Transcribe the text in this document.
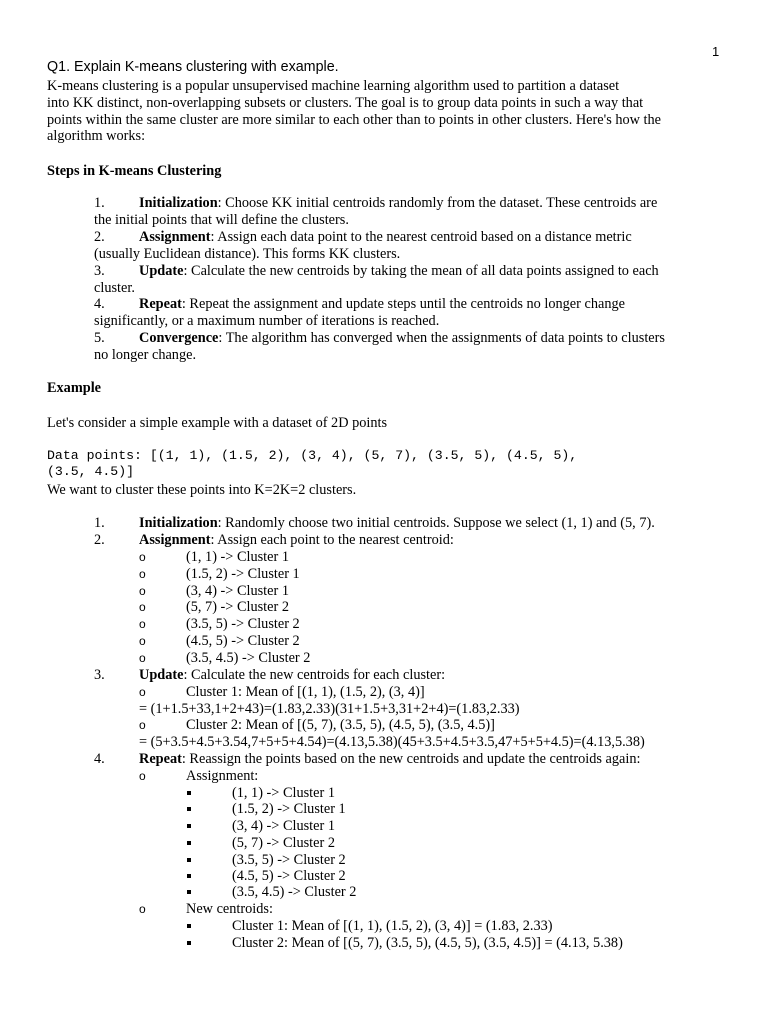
1
Q1. Explain K-means clustering with example.
K-means clustering is a popular unsupervised machine learning algorithm used to partition a dataset
into KK distinct, non-overlapping subsets or clusters. The goal is to group data points in such a way that
points within the same cluster are more similar to each other than to points in other clusters. Here's how the
algorithm works:
Steps in K-means Clustering
1.	Initialization: Choose KK initial centroids randomly from the dataset. These centroids are
the initial points that will define the clusters.
2.	Assignment: Assign each data point to the nearest centroid based on a distance metric
(usually Euclidean distance). This forms KK clusters.
3.	Update: Calculate the new centroids by taking the mean of all data points assigned to each
cluster.
4.	Repeat: Repeat the assignment and update steps until the centroids no longer change
significantly, or a maximum number of iterations is reached.
5.	Convergence: The algorithm has converged when the assignments of data points to clusters
no longer change.
Example
Let's consider a simple example with a dataset of 2D points
Data points: [(1, 1), (1.5, 2), (3, 4), (5, 7), (3.5, 5), (4.5, 5),
(3.5, 4.5)]
We want to cluster these points into K=2K=2 clusters.
1. Initialization: Randomly choose two initial centroids. Suppose we select (1, 1) and (5, 7).
2. Assignment: Assign each point to the nearest centroid:
o	(1, 1) -> Cluster 1
o	(1.5, 2) -> Cluster 1
o	(3, 4) -> Cluster 1
o	(5, 7) -> Cluster 2
o	(3.5, 5) -> Cluster 2
o	(4.5, 5) -> Cluster 2
o	(3.5, 4.5) -> Cluster 2
3. Update: Calculate the new centroids for each cluster:
o	Cluster 1: Mean of [(1, 1), (1.5, 2), (3, 4)]
= (1+1.5+33,1+2+43)=(1.83,2.33)(31+1.5+3,31+2+4)=(1.83,2.33)
o	Cluster 2: Mean of [(5, 7), (3.5, 5), (4.5, 5), (3.5, 4.5)]
= (5+3.5+4.5+3.54,7+5+5+4.54)=(4.13,5.38)(45+3.5+4.5+3.5,47+5+5+4.5)=(4.13,5.38)
4. Repeat: Reassign the points based on the new centroids and update the centroids again:
o	Assignment:
(1, 1) -> Cluster 1
(1.5, 2) -> Cluster 1
(3, 4) -> Cluster 1
(5, 7) -> Cluster 2
(3.5, 5) -> Cluster 2
(4.5, 5) -> Cluster 2
(3.5, 4.5) -> Cluster 2
o	New centroids:
Cluster 1: Mean of [(1, 1), (1.5, 2), (3, 4)] = (1.83, 2.33)
Cluster 2: Mean of [(5, 7), (3.5, 5), (4.5, 5), (3.5, 4.5)] = (4.13, 5.38)
